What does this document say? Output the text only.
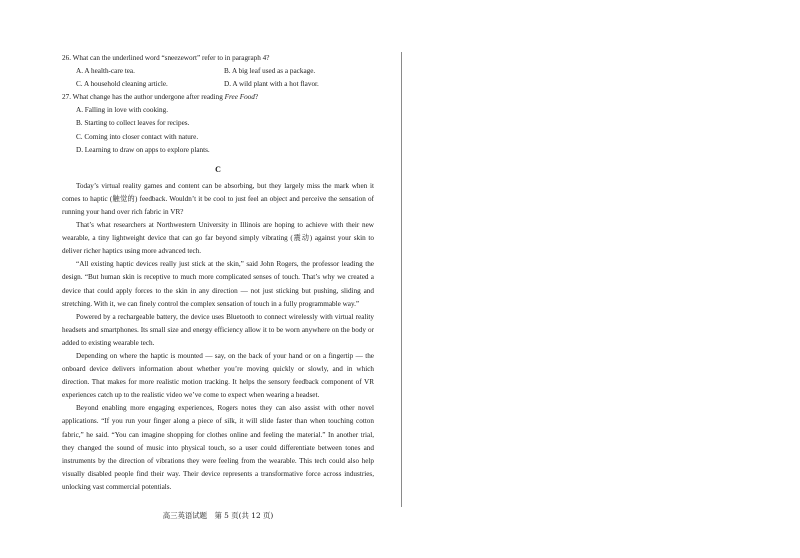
26. What can the underlined word “sneezewort” refer to in paragraph 4?

A. A health-care tea.	B. A big leaf used as a package.
C. A household cleaning article.	D. A wild plant with a hot flavor.

27. What change has the author undergone after reading Free Food?

A. Falling in love with cooking.

B. Starting to collect leaves for recipes.

C. Coming into closer contact with nature.

D. Learning to draw on apps to explore plants.

C

Today’s virtual reality games and content can be absorbing, but they largely miss the mark when it comes to haptic (触觉的) feedback. Wouldn’t it be cool to just feel an object and perceive the sensation of running your hand over rich fabric in VR?

That’s what researchers at Northwestern University in Illinois are hoping to achieve with their new wearable, a tiny lightweight device that can go far beyond simply vibrating (震动) against your skin to deliver richer haptics using more advanced tech.

“All existing haptic devices really just stick at the skin,” said John Rogers, the professor leading the design. “But human skin is receptive to much more complicated senses of touch. That’s why we created a device that could apply forces to the skin in any direction — not just sticking but pushing, sliding and stretching. With it, we can finely control the complex sensation of touch in a fully programmable way.”

Powered by a rechargeable battery, the device uses Bluetooth to connect wirelessly with virtual reality headsets and smartphones. Its small size and energy efficiency allow it to be worn anywhere on the body or added to existing wearable tech.

Depending on where the haptic is mounted — say, on the back of your hand or on a fingertip — the onboard device delivers information about whether you’re moving quickly or slowly, and in which direction. That makes for more realistic motion tracking. It helps the sensory feedback component of VR experiences catch up to the realistic video we’ve come to expect when wearing a headset.

Beyond enabling more engaging experiences, Rogers notes they can also assist with other novel applications. “If you run your finger along a piece of silk, it will slide faster than when touching cotton fabric,” he said. “You can imagine shopping for clothes online and feeling the material.” In another trial, they changed the sound of music into physical touch, so a user could differentiate between tones and instruments by the direction of vibrations they were feeling from the wearable. This tech could also help visually disabled people find their way. Their device represents a transformative force across industries, unlocking vast commercial potentials.

高三英语试题　第 5 页(共 12 页)
